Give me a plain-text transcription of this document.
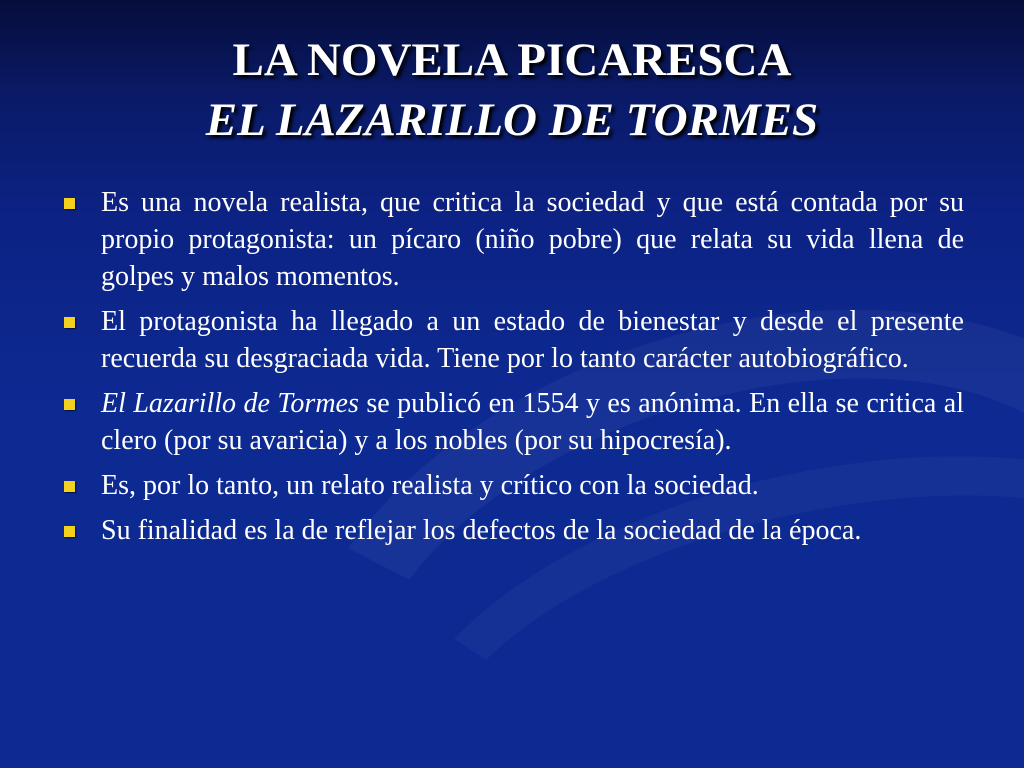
LA NOVELA PICARESCA
EL LAZARILLO DE TORMES
Es una novela realista, que critica la sociedad y que está contada por su propio protagonista: un pícaro (niño pobre) que relata su vida llena de golpes y malos momentos.
El protagonista ha llegado a un estado de bienestar y desde el presente recuerda su desgraciada vida. Tiene por lo tanto carácter autobiográfico.
El Lazarillo de Tormes se publicó en 1554 y es anónima. En ella se critica al clero (por su avaricia) y a los nobles (por su hipocresía).
Es, por lo tanto, un relato realista y crítico con la sociedad.
Su finalidad es la de reflejar los defectos de la sociedad de la época.
